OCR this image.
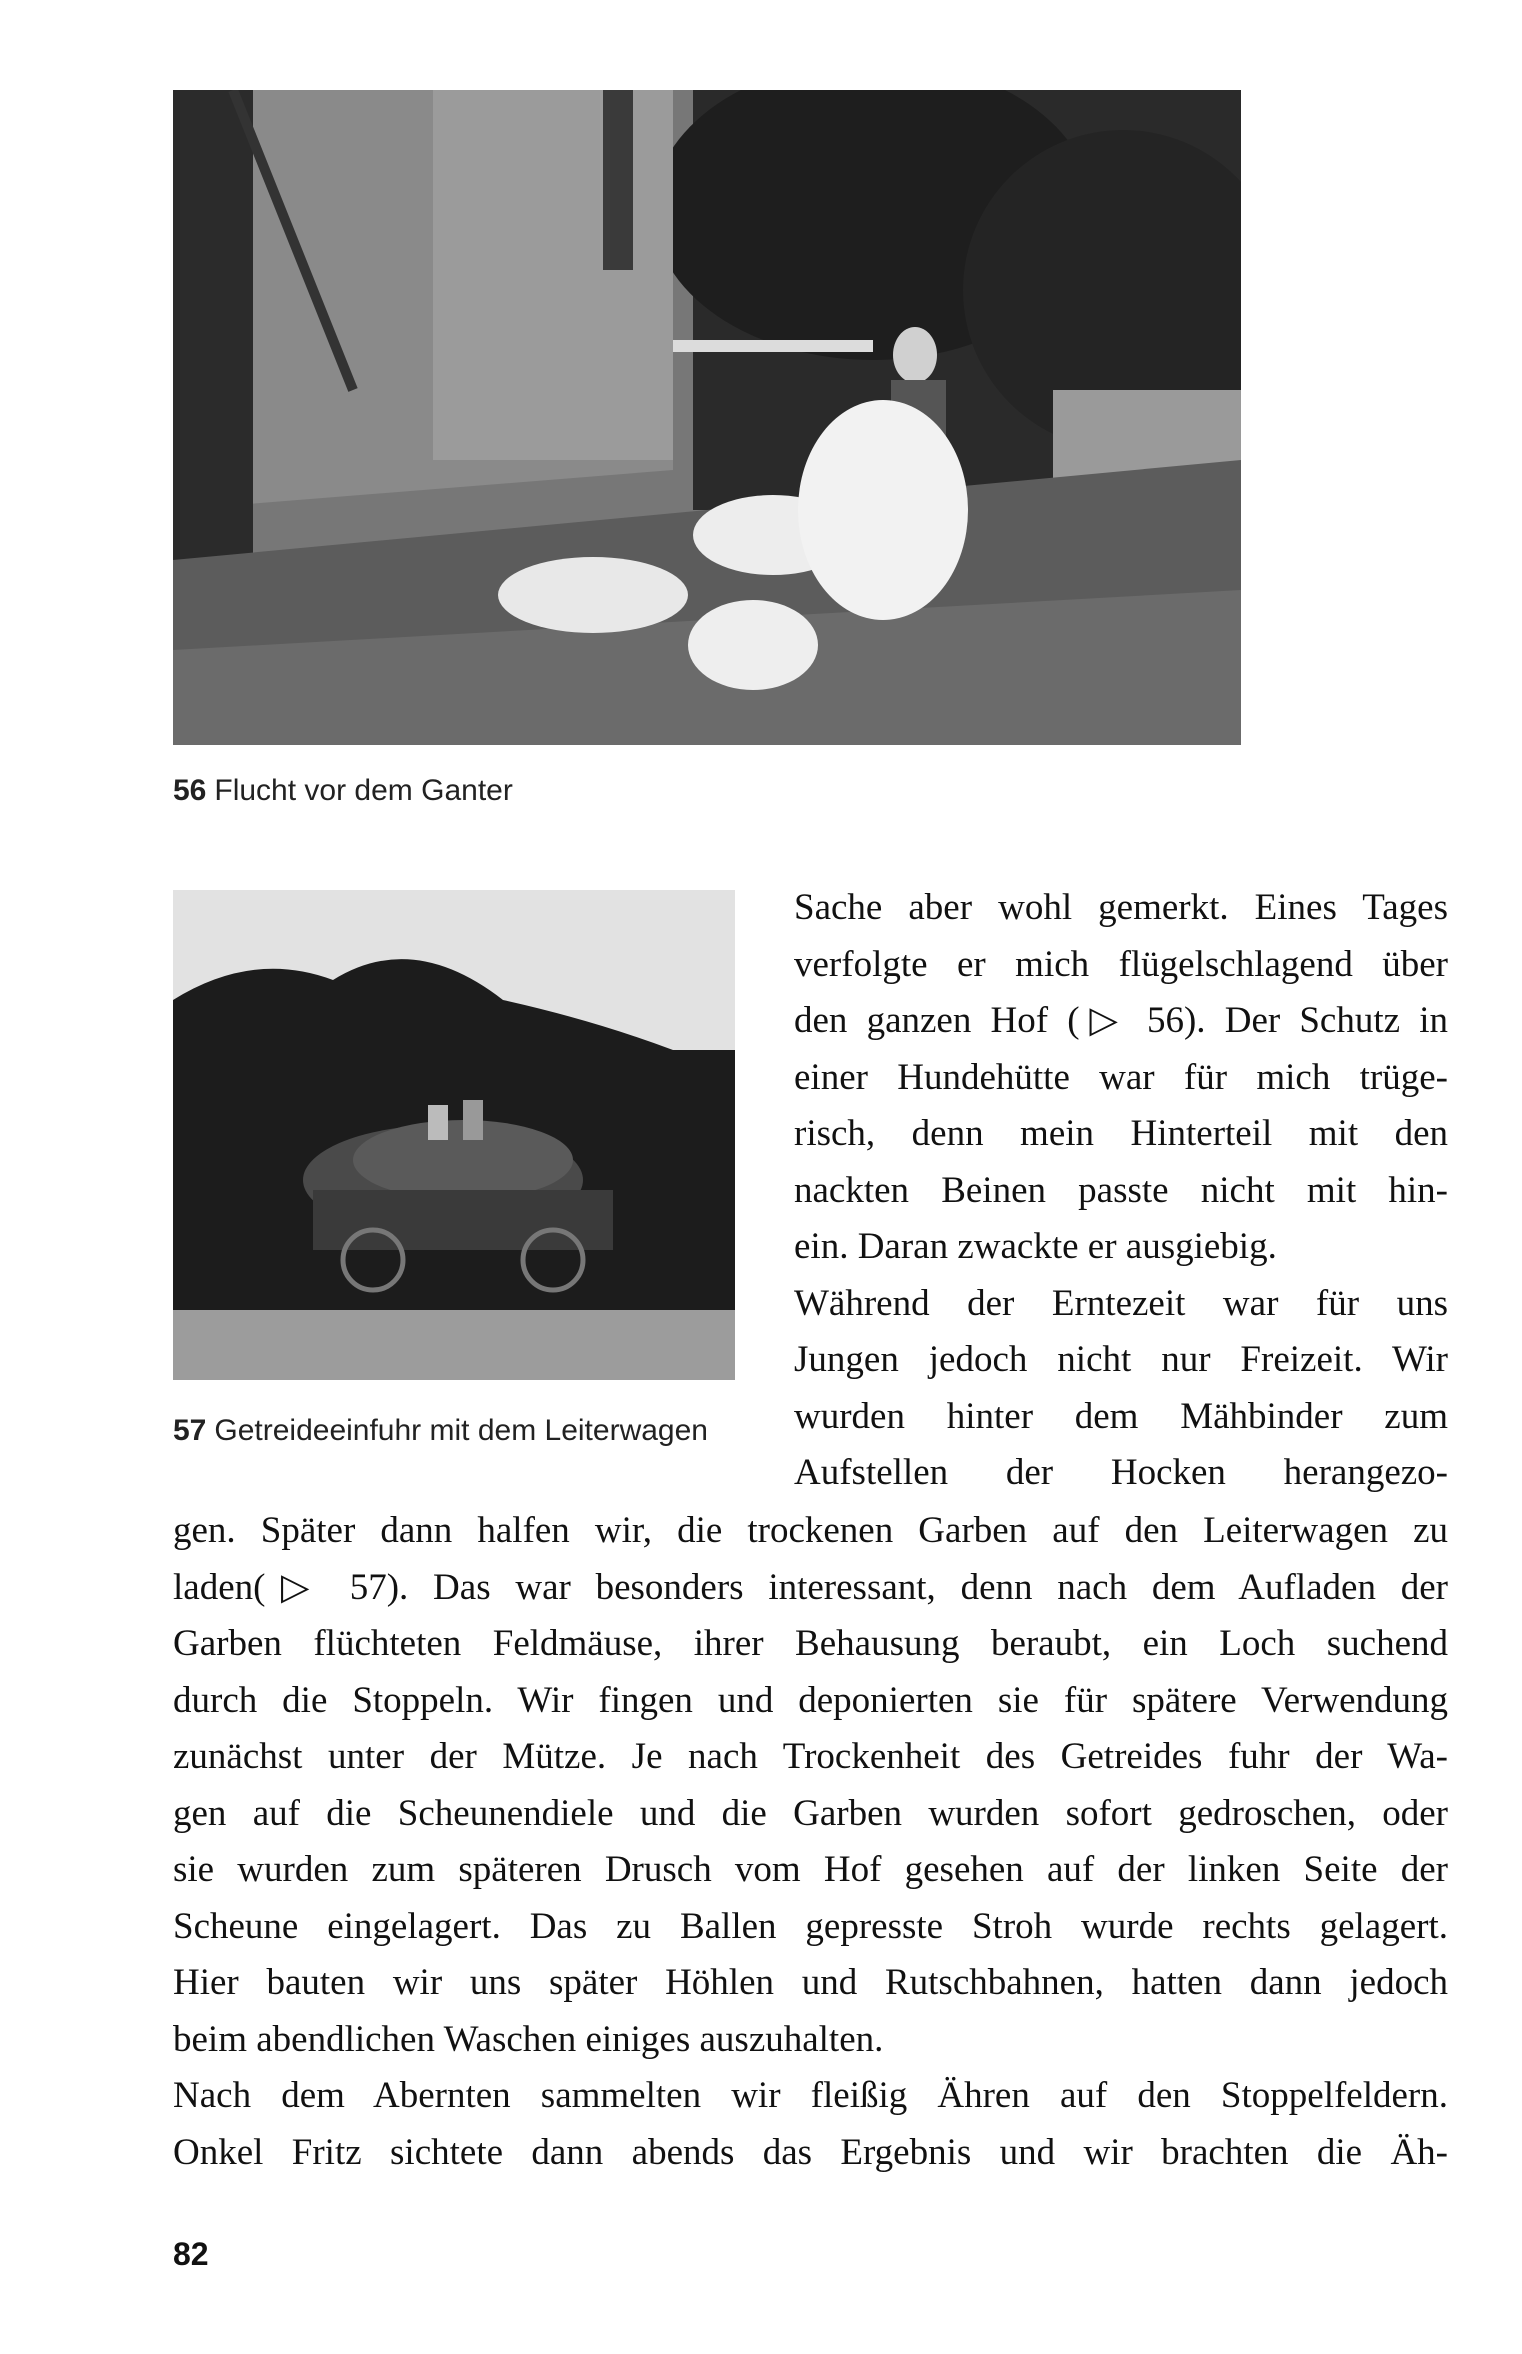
56 Flucht vor dem Ganter
57 Getreideeinfuhr mit dem Leiterwagen
Sache aber wohl gemerkt. Eines Tages
verfolgte er mich flügelschlagend über
den ganzen Hof (▷ 56). Der Schutz in
einer Hundehütte war für mich trüge-
risch, denn mein Hinterteil mit den
nackten Beinen passte nicht mit hin-
ein. Daran zwackte er ausgiebig.
Während der Erntezeit war für uns
Jungen jedoch nicht nur Freizeit. Wir
wurden hinter dem Mähbinder zum
Aufstellen der Hocken herangezo-
gen. Später dann halfen wir, die trockenen Garben auf den Leiterwagen zu
laden(▷ 57). Das war besonders interessant, denn nach dem Aufladen der
Garben flüchteten Feldmäuse, ihrer Behausung beraubt, ein Loch suchend
durch die Stoppeln. Wir fingen und deponierten sie für spätere Verwendung
zunächst unter der Mütze. Je nach Trockenheit des Getreides fuhr der Wa-
gen auf die Scheunendiele und die Garben wurden sofort gedroschen, oder
sie wurden zum späteren Drusch vom Hof gesehen auf der linken Seite der
Scheune eingelagert. Das zu Ballen gepresste Stroh wurde rechts gelagert.
Hier bauten wir uns später Höhlen und Rutschbahnen, hatten dann jedoch
beim abendlichen Waschen einiges auszuhalten.
Nach dem Abernten sammelten wir fleißig Ähren auf den Stoppelfeldern.
Onkel Fritz sichtete dann abends das Ergebnis und wir brachten die Äh-
82
